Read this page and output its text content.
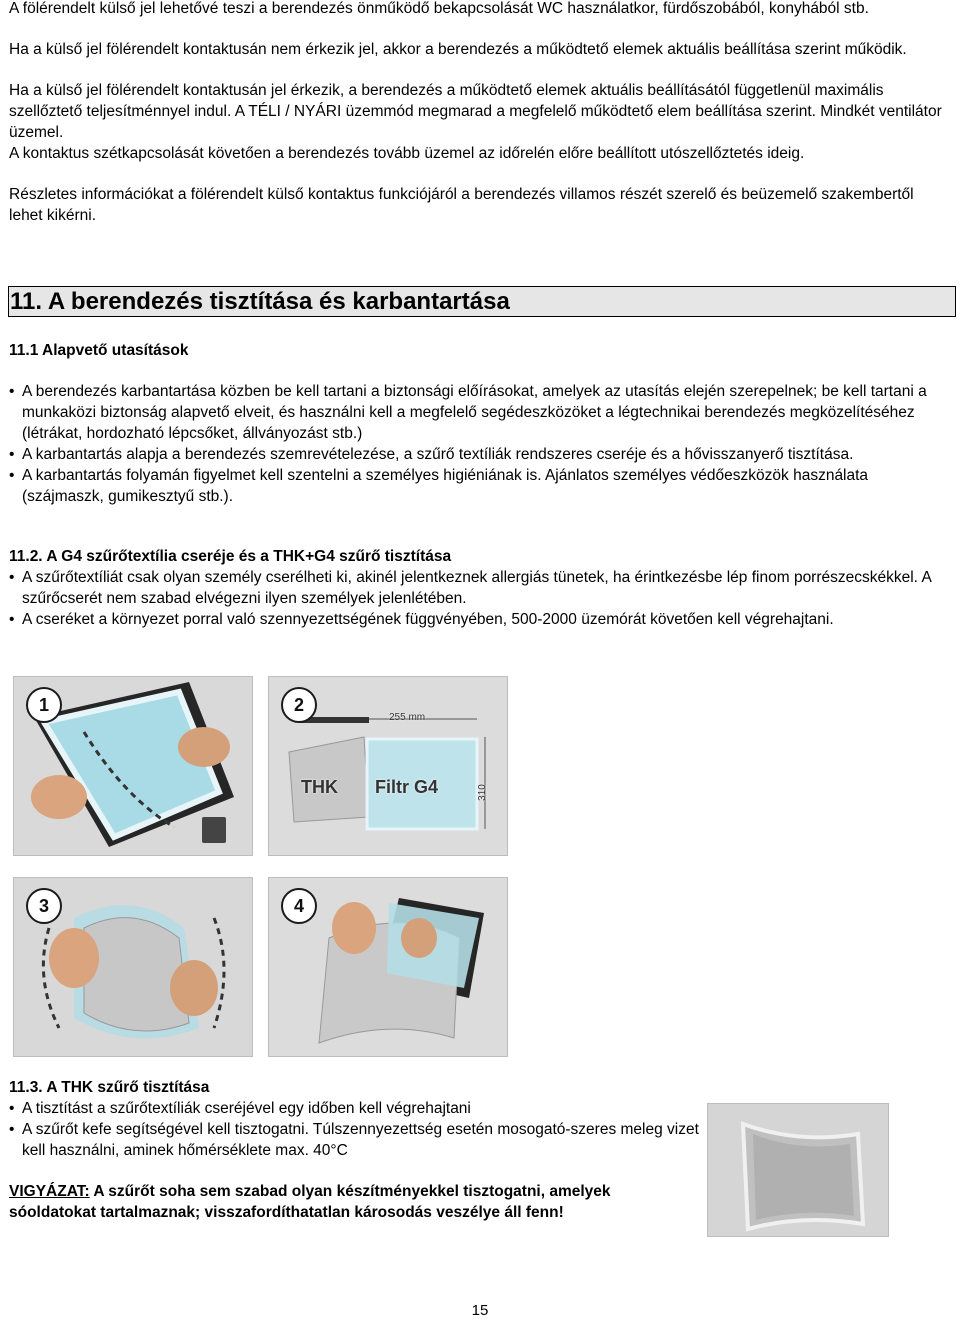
A fölérendelt külső jel lehetővé teszi a berendezés önműködő bekapcsolását WC használatkor, fürdőszobából, konyhából stb.

Ha a külső jel fölérendelt kontaktusán nem érkezik jel, akkor a berendezés a működtető elemek aktuális beállítása szerint működik.

Ha a külső jel fölérendelt kontaktusán jel érkezik, a berendezés a működtető elemek aktuális beállításától függetlenül maximális szellőztető teljesítménnyel indul. A TÉLI / NYÁRI üzemmód megmarad a megfelelő működtető elem beállítása szerint. Mindkét ventilátor üzemel.

A kontaktus szétkapcsolását követően a berendezés tovább üzemel az időrelén előre beállított utószellőztetés ideig.

Részletes információkat a fölérendelt külső kontaktus funkciójáról a berendezés villamos részét szerelő és beüzemelő szakembertől lehet kikérni.

11. A berendezés tisztítása és karbantartása

11.1 Alapvető utasítások

• A berendezés karbantartása közben be kell tartani a biztonsági előírásokat, amelyek az utasítás elején szerepelnek; be kell tartani a munkaközi biztonság alapvető elveit, és használni kell a megfelelő segédeszközöket a légtechnikai berendezés megközelítéséhez (létrákat, hordozható lépcsőket, állványozást stb.)
• A karbantartás alapja a berendezés szemrevételezése, a szűrő textíliák rendszeres cseréje és a hővisszanyerő tisztítása.
• A karbantartás folyamán figyelmet kell szentelni a személyes higiéniának is. Ajánlatos személyes védőeszközök használata (szájmaszk, gumikesztyű stb.).

11.2. A G4 szűrőtextília cseréje és a THK+G4 szűrő tisztítása

• A szűrőtextíliát csak olyan személy cserélheti ki, akinél jelentkeznek allergiás tünetek, ha érintkezésbe lép finom porrészecskékkel. A szűrőcserét nem szabad elvégezni ilyen személyek jelenlétében.
• A cseréket a környezet porral való szennyezettségének függvényében, 500-2000 üzemórát követően kell végrehajtani.
1	2
255 mm
310
THK Filtr G4
3	4

11.3. A THK szűrő tisztítása

• A tisztítást a szűrőtextíliák cseréjével egy időben kell végrehajtani
• A szűrőt kefe segítségével kell tisztogatni. Túlszennyezettség esetén mosogató-szeres meleg vizet kell használni, aminek hőmérséklete max. 40°C

VIGYÁZAT: A szűrőt soha sem szabad olyan készítményekkel tisztogatni, amelyek sóoldatokat tartalmaznak; visszafordíthatatlan károsodás veszélye áll fenn!

15
